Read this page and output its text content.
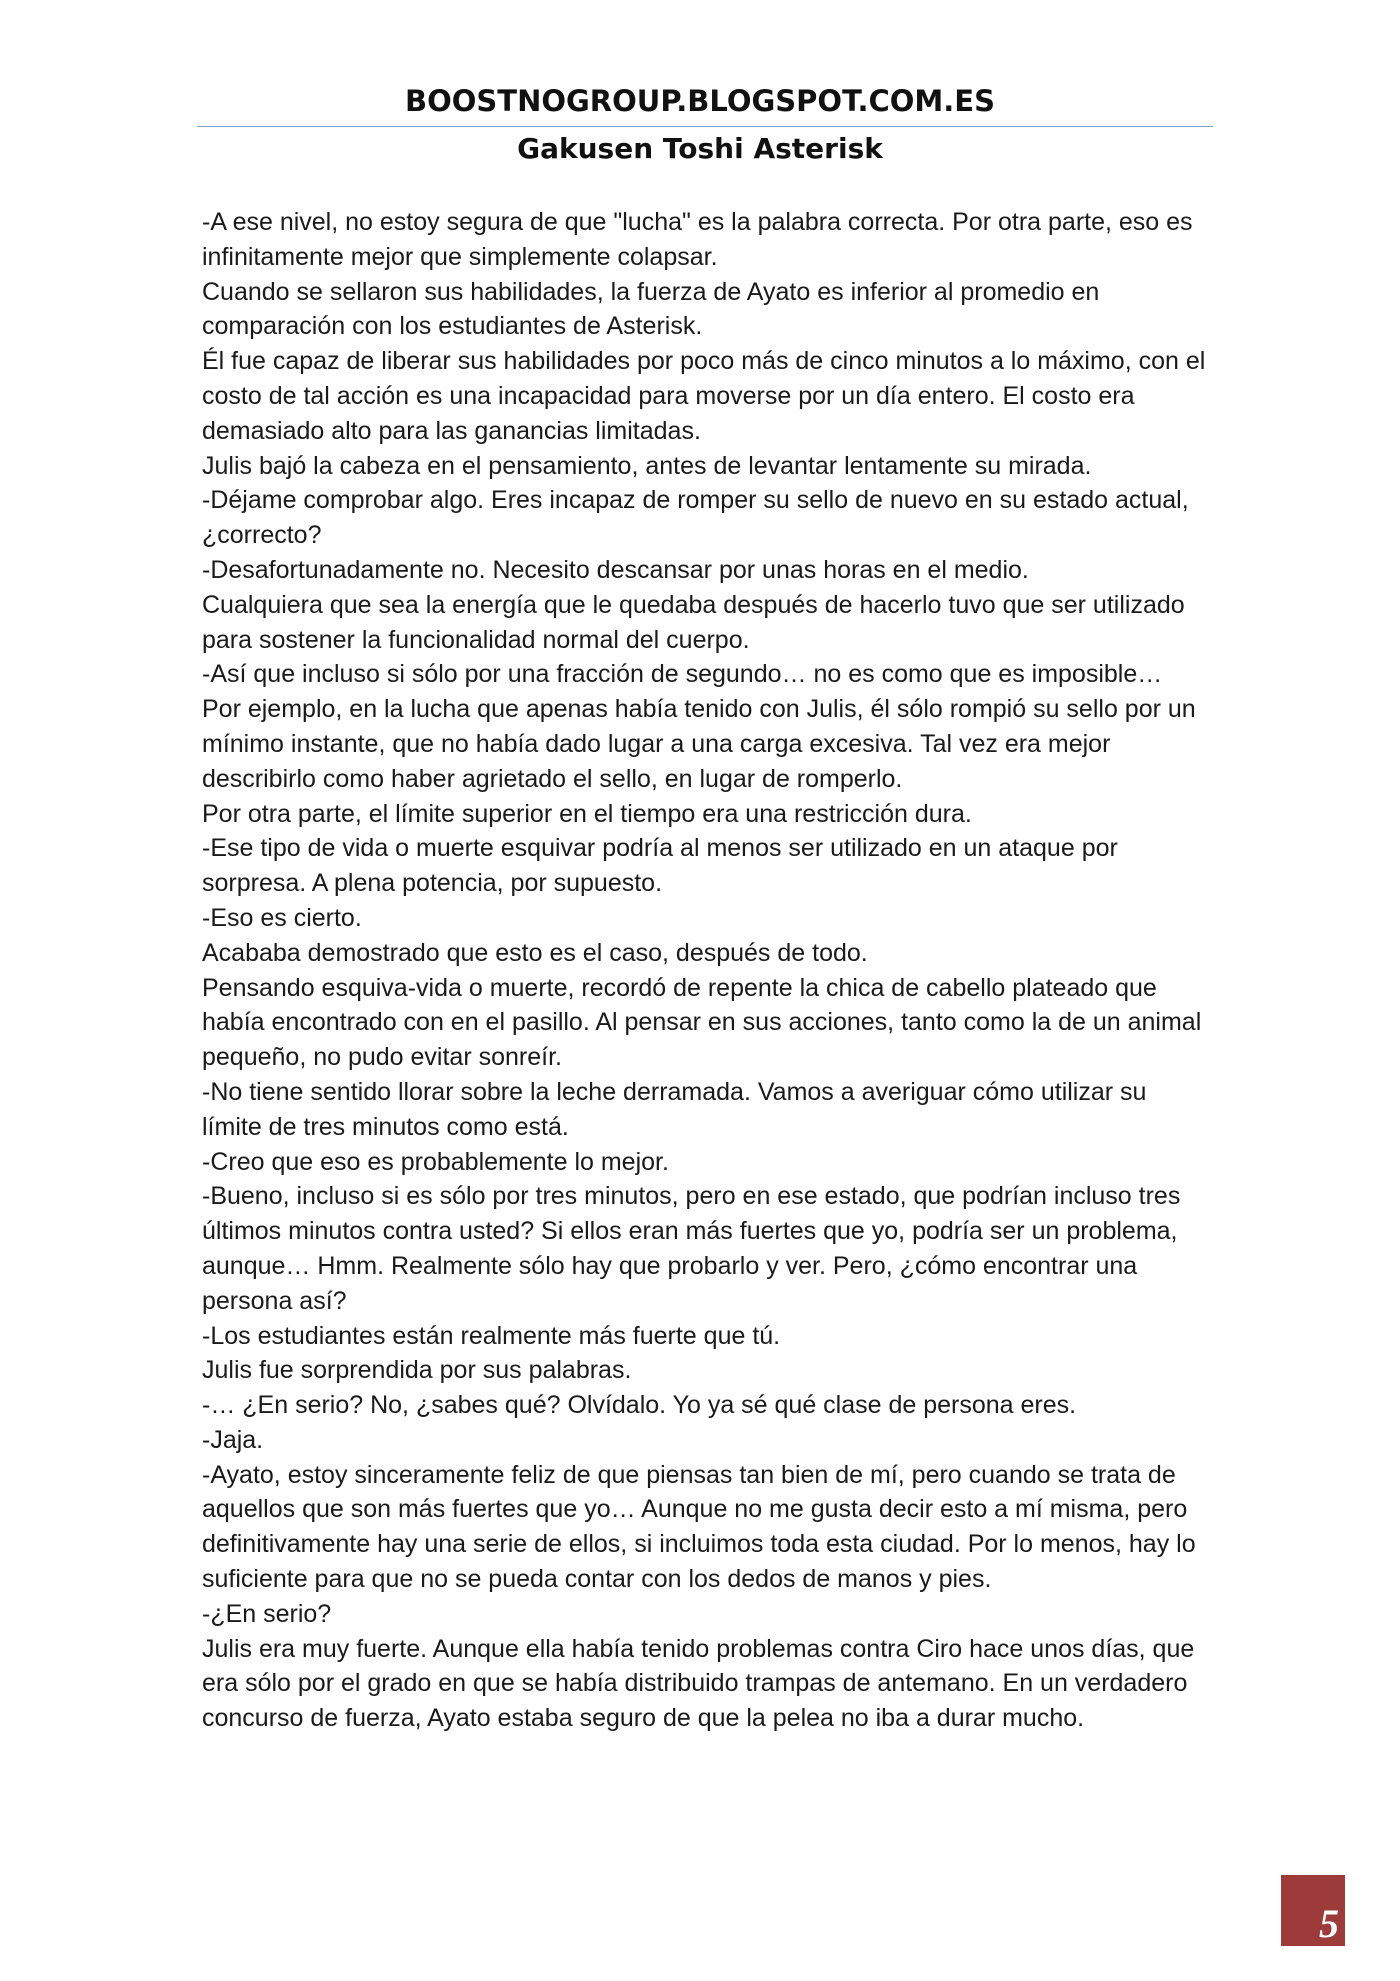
BOOSTNOGROUP.BLOGSPOT.COM.ES
Gakusen Toshi Asterisk

-A ese nivel, no estoy segura de que "lucha" es la palabra correcta. Por otra parte, eso es infinitamente mejor que simplemente colapsar.

Cuando se sellaron sus habilidades, la fuerza de Ayato es inferior al promedio en comparación con los estudiantes de Asterisk.

Él fue capaz de liberar sus habilidades por poco más de cinco minutos a lo máximo, con el costo de tal acción es una incapacidad para moverse por un día entero. El costo era demasiado alto para las ganancias limitadas.

Julis bajó la cabeza en el pensamiento, antes de levantar lentamente su mirada.

-Déjame comprobar algo. Eres incapaz de romper su sello de nuevo en su estado actual, ¿correcto?

-Desafortunadamente no. Necesito descansar por unas horas en el medio.

Cualquiera que sea la energía que le quedaba después de hacerlo tuvo que ser utilizado para sostener la funcionalidad normal del cuerpo.

-Así que incluso si sólo por una fracción de segundo… no es como que es imposible…

Por ejemplo, en la lucha que apenas había tenido con Julis, él sólo rompió su sello por un mínimo instante, que no había dado lugar a una carga excesiva. Tal vez era mejor describirlo como haber agrietado el sello, en lugar de romperlo.

Por otra parte, el límite superior en el tiempo era una restricción dura.

-Ese tipo de vida o muerte esquivar podría al menos ser utilizado en un ataque por sorpresa. A plena potencia, por supuesto.

-Eso es cierto.

Acababa demostrado que esto es el caso, después de todo.

Pensando esquiva-vida o muerte, recordó de repente la chica de cabello plateado que había encontrado con en el pasillo. Al pensar en sus acciones, tanto como la de un animal pequeño, no pudo evitar sonreír.

-No tiene sentido llorar sobre la leche derramada. Vamos a averiguar cómo utilizar su límite de tres minutos como está.

-Creo que eso es probablemente lo mejor.

-Bueno, incluso si es sólo por tres minutos, pero en ese estado, que podrían incluso tres últimos minutos contra usted? Si ellos eran más fuertes que yo, podría ser un problema, aunque… Hmm. Realmente sólo hay que probarlo y ver. Pero, ¿cómo encontrar una persona así?

-Los estudiantes están realmente más fuerte que tú.

Julis fue sorprendida por sus palabras.

-… ¿En serio? No, ¿sabes qué? Olvídalo. Yo ya sé qué clase de persona eres.

-Jaja.

-Ayato, estoy sinceramente feliz de que piensas tan bien de mí, pero cuando se trata de aquellos que son más fuertes que yo… Aunque no me gusta decir esto a mí misma, pero definitivamente hay una serie de ellos, si incluimos toda esta ciudad. Por lo menos, hay lo suficiente para que no se pueda contar con los dedos de manos y pies.

-¿En serio?

Julis era muy fuerte. Aunque ella había tenido problemas contra Ciro hace unos días, que era sólo por el grado en que se había distribuido trampas de antemano. En un verdadero concurso de fuerza, Ayato estaba seguro de que la pelea no iba a durar mucho.

5
